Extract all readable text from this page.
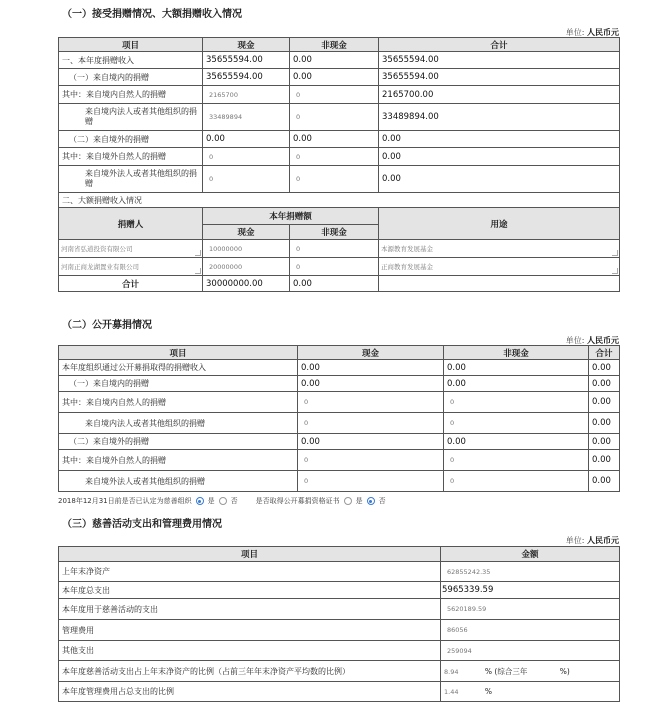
（一）接受捐赠情况、大额捐赠收入情况
单位: 人民币元
项目	现金	非现金	合计
一、本年度捐赠收入	35655594.00	0.00	35655594.00
（一）来自境内的捐赠	35655594.00	0.00	35655594.00
其中：来自境内自然人的捐赠	2165700	0	2165700.00
来自境内法人或者其他组织的捐赠	33489894	0	33489894.00
（二）来自境外的捐赠	0.00	0.00	0.00
其中：来自境外自然人的捐赠	0	0	0.00
来自境外法人或者其他组织的捐赠	0	0	0.00
二、大额捐赠收入情况			
捐赠人	本年捐赠额		用途
	现金	非现金	
河南省弘道投资有限公司	10000000	0	本源教育发展基金
河南正商龙湖置业有限公司	20000000	0	正商教育发展基金
合计	30000000.00	0.00	
（二）公开募捐情况
单位: 人民币元
项目	现金	非现金	合计
本年度组织通过公开募捐取得的捐赠收入	0.00	0.00	0.00
（一）来自境内的捐赠	0.00	0.00	0.00
其中：来自境内自然人的捐赠	0	0	0.00
来自境内法人或者其他组织的捐赠	0	0	0.00
（二）来自境外的捐赠	0.00	0.00	0.00
其中：来自境外自然人的捐赠	0	0	0.00
来自境外法人或者其他组织的捐赠	0	0	0.00
2018年12月31日前是否已认定为慈善组织 是 否	是否取得公开募捐资格证书 是 否
（三）慈善活动支出和管理费用情况
单位: 人民币元
项目	金额
上年末净资产	62855242.35
本年度总支出	5965339.59
本年度用于慈善活动的支出	5620189.59
管理费用	86056
其他支出	259094
本年度慈善活动支出占上年末净资产的比例（占前三年年末净资产平均数的比例）	8.94 % (综合三年 %)
本年度管理费用占总支出的比例	1.44 %
